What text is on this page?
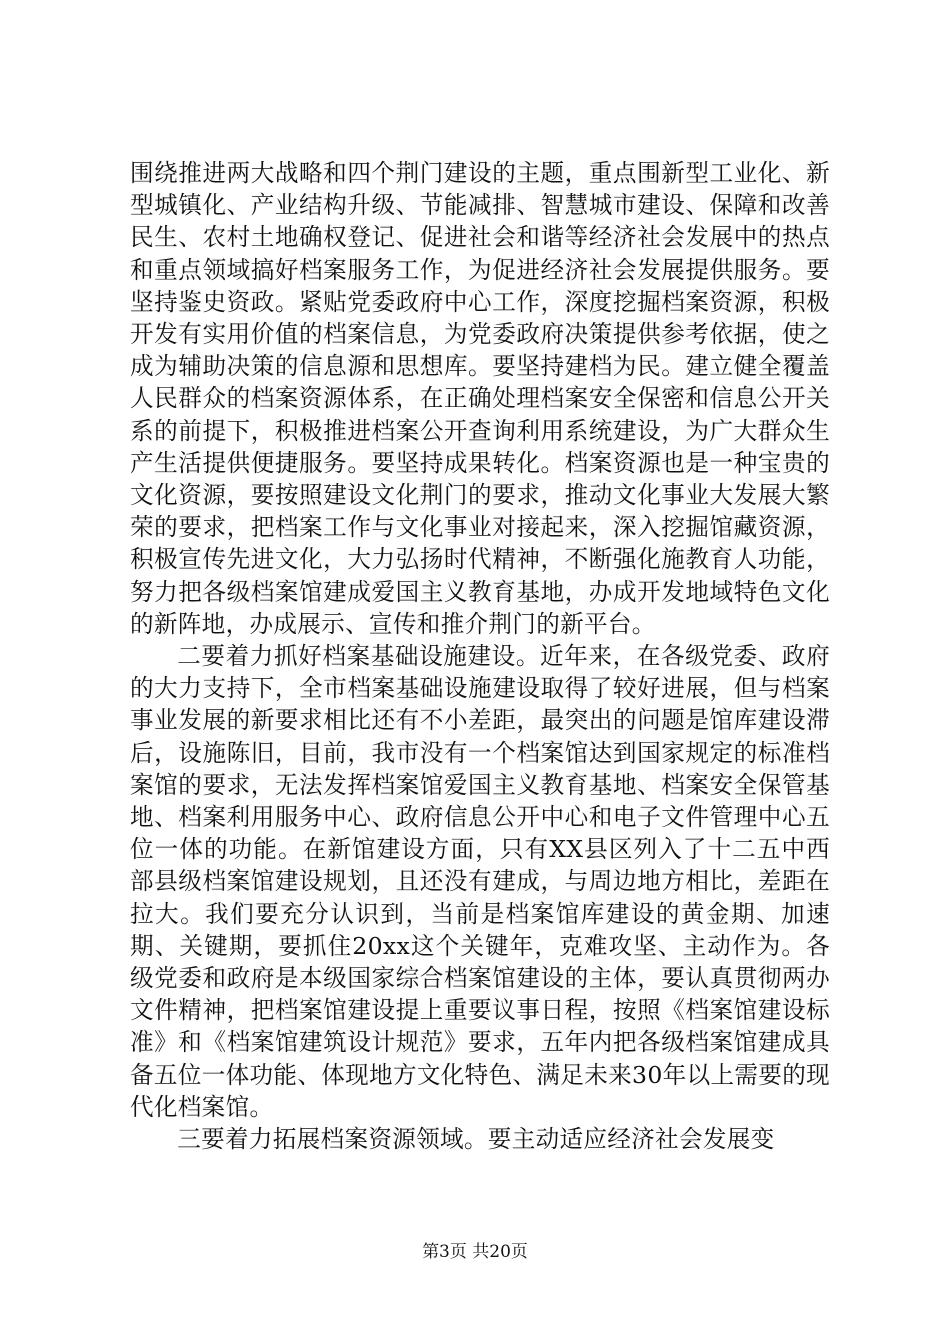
围绕推进两大战略和四个荆门建设的主题，重点围新型工业化、新型城镇化、产业结构升级、节能减排、智慧城市建设、保障和改善民生、农村土地确权登记、促进社会和谐等经济社会发展中的热点和重点领域搞好档案服务工作，为促进经济社会发展提供服务。要坚持鉴史资政。紧贴党委政府中心工作，深度挖掘档案资源，积极开发有实用价值的档案信息，为党委政府决策提供参考依据，使之成为辅助决策的信息源和思想库。要坚持建档为民。建立健全覆盖人民群众的档案资源体系，在正确处理档案安全保密和信息公开关系的前提下，积极推进档案公开查询利用系统建设，为广大群众生产生活提供便捷服务。要坚持成果转化。档案资源也是一种宝贵的文化资源，要按照建设文化荆门的要求，推动文化事业大发展大繁荣的要求，把档案工作与文化事业对接起来，深入挖掘馆藏资源，积极宣传先进文化，大力弘扬时代精神，不断强化施教育人功能，努力把各级档案馆建成爱国主义教育基地，办成开发地域特色文化的新阵地，办成展示、宣传和推介荆门的新平台。

二要着力抓好档案基础设施建设。近年来，在各级党委、政府的大力支持下，全市档案基础设施建设取得了较好进展，但与档案事业发展的新要求相比还有不小差距，最突出的问题是馆库建设滞后，设施陈旧，目前，我市没有一个档案馆达到国家规定的标准档案馆的要求，无法发挥档案馆爱国主义教育基地、档案安全保管基地、档案利用服务中心、政府信息公开中心和电子文件管理中心五位一体的功能。在新馆建设方面，只有XX县区列入了十二五中西部县级档案馆建设规划，且还没有建成，与周边地方相比，差距在拉大。我们要充分认识到，当前是档案馆库建设的黄金期、加速期、关键期，要抓住20xx这个关键年，克难攻坚、主动作为。各级党委和政府是本级国家综合档案馆建设的主体，要认真贯彻两办文件精神，把档案馆建设提上重要议事日程，按照《档案馆建设标准》和《档案馆建筑设计规范》要求，五年内把各级档案馆建成具备五位一体功能、体现地方文化特色、满足未来30年以上需要的现代化档案馆。

三要着力拓展档案资源领域。要主动适应经济社会发展变

第3页 共20页
